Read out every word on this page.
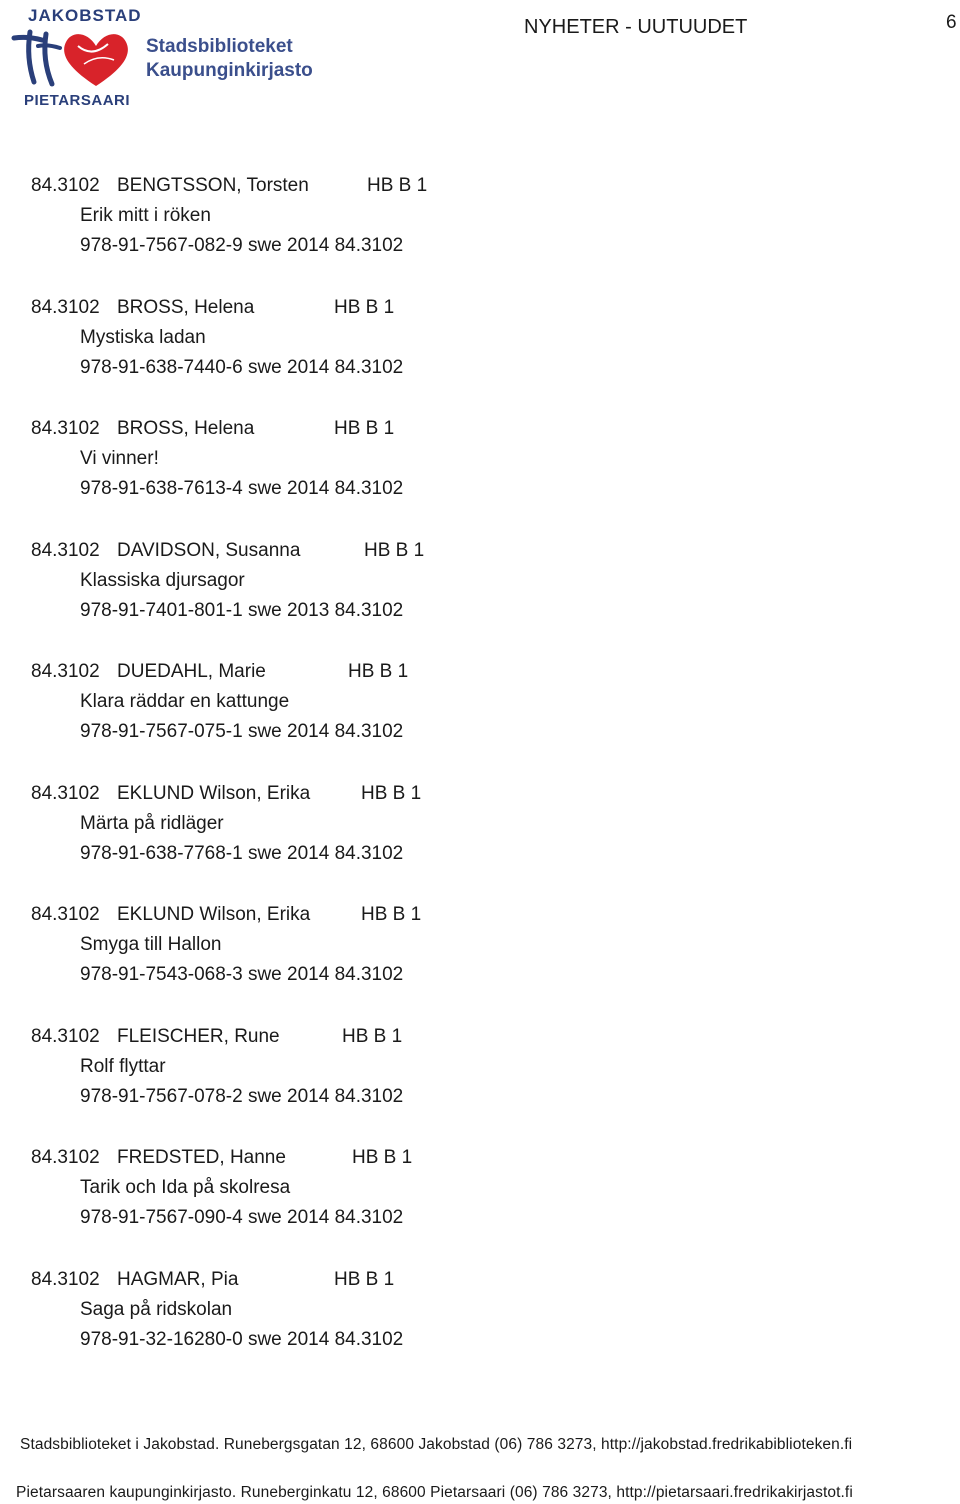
JAKOBSTAD
Stadsbiblioteket
Kaupunginkirjasto
PIETARSAARI
NYHETER - UUTUUDET	6
84.3102 BENGTSSON, Torsten	HB B 1
Erik mitt i röken
978-91-7567-082-9 swe 2014 84.3102
84.3102 BROSS, Helena	HB B 1
Mystiska ladan
978-91-638-7440-6 swe 2014 84.3102
84.3102 BROSS, Helena	HB B 1
Vi vinner!
978-91-638-7613-4 swe 2014 84.3102
84.3102 DAVIDSON, Susanna	HB B 1
Klassiska djursagor
978-91-7401-801-1 swe 2013 84.3102
84.3102 DUEDAHL, Marie	HB B 1
Klara räddar en kattunge
978-91-7567-075-1 swe 2014 84.3102
84.3102 EKLUND Wilson, Erika	HB B 1
Märta på ridläger
978-91-638-7768-1 swe 2014 84.3102
84.3102 EKLUND Wilson, Erika	HB B 1
Smyga till Hallon
978-91-7543-068-3 swe 2014 84.3102
84.3102 FLEISCHER, Rune	HB B 1
Rolf flyttar
978-91-7567-078-2 swe 2014 84.3102
84.3102 FREDSTED, Hanne	HB B 1
Tarik och Ida på skolresa
978-91-7567-090-4 swe 2014 84.3102
84.3102 HAGMAR, Pia	HB B 1
Saga på ridskolan
978-91-32-16280-0 swe 2014 84.3102
Stadsbiblioteket i Jakobstad. Runebergsgatan 12, 68600 Jakobstad (06) 786 3273, http://jakobstad.fredrikabiblioteken.fi
Pietarsaaren kaupunginkirjasto. Runeberginkatu 12, 68600 Pietarsaari (06) 786 3273, http://pietarsaari.fredrikakirjastot.fi
